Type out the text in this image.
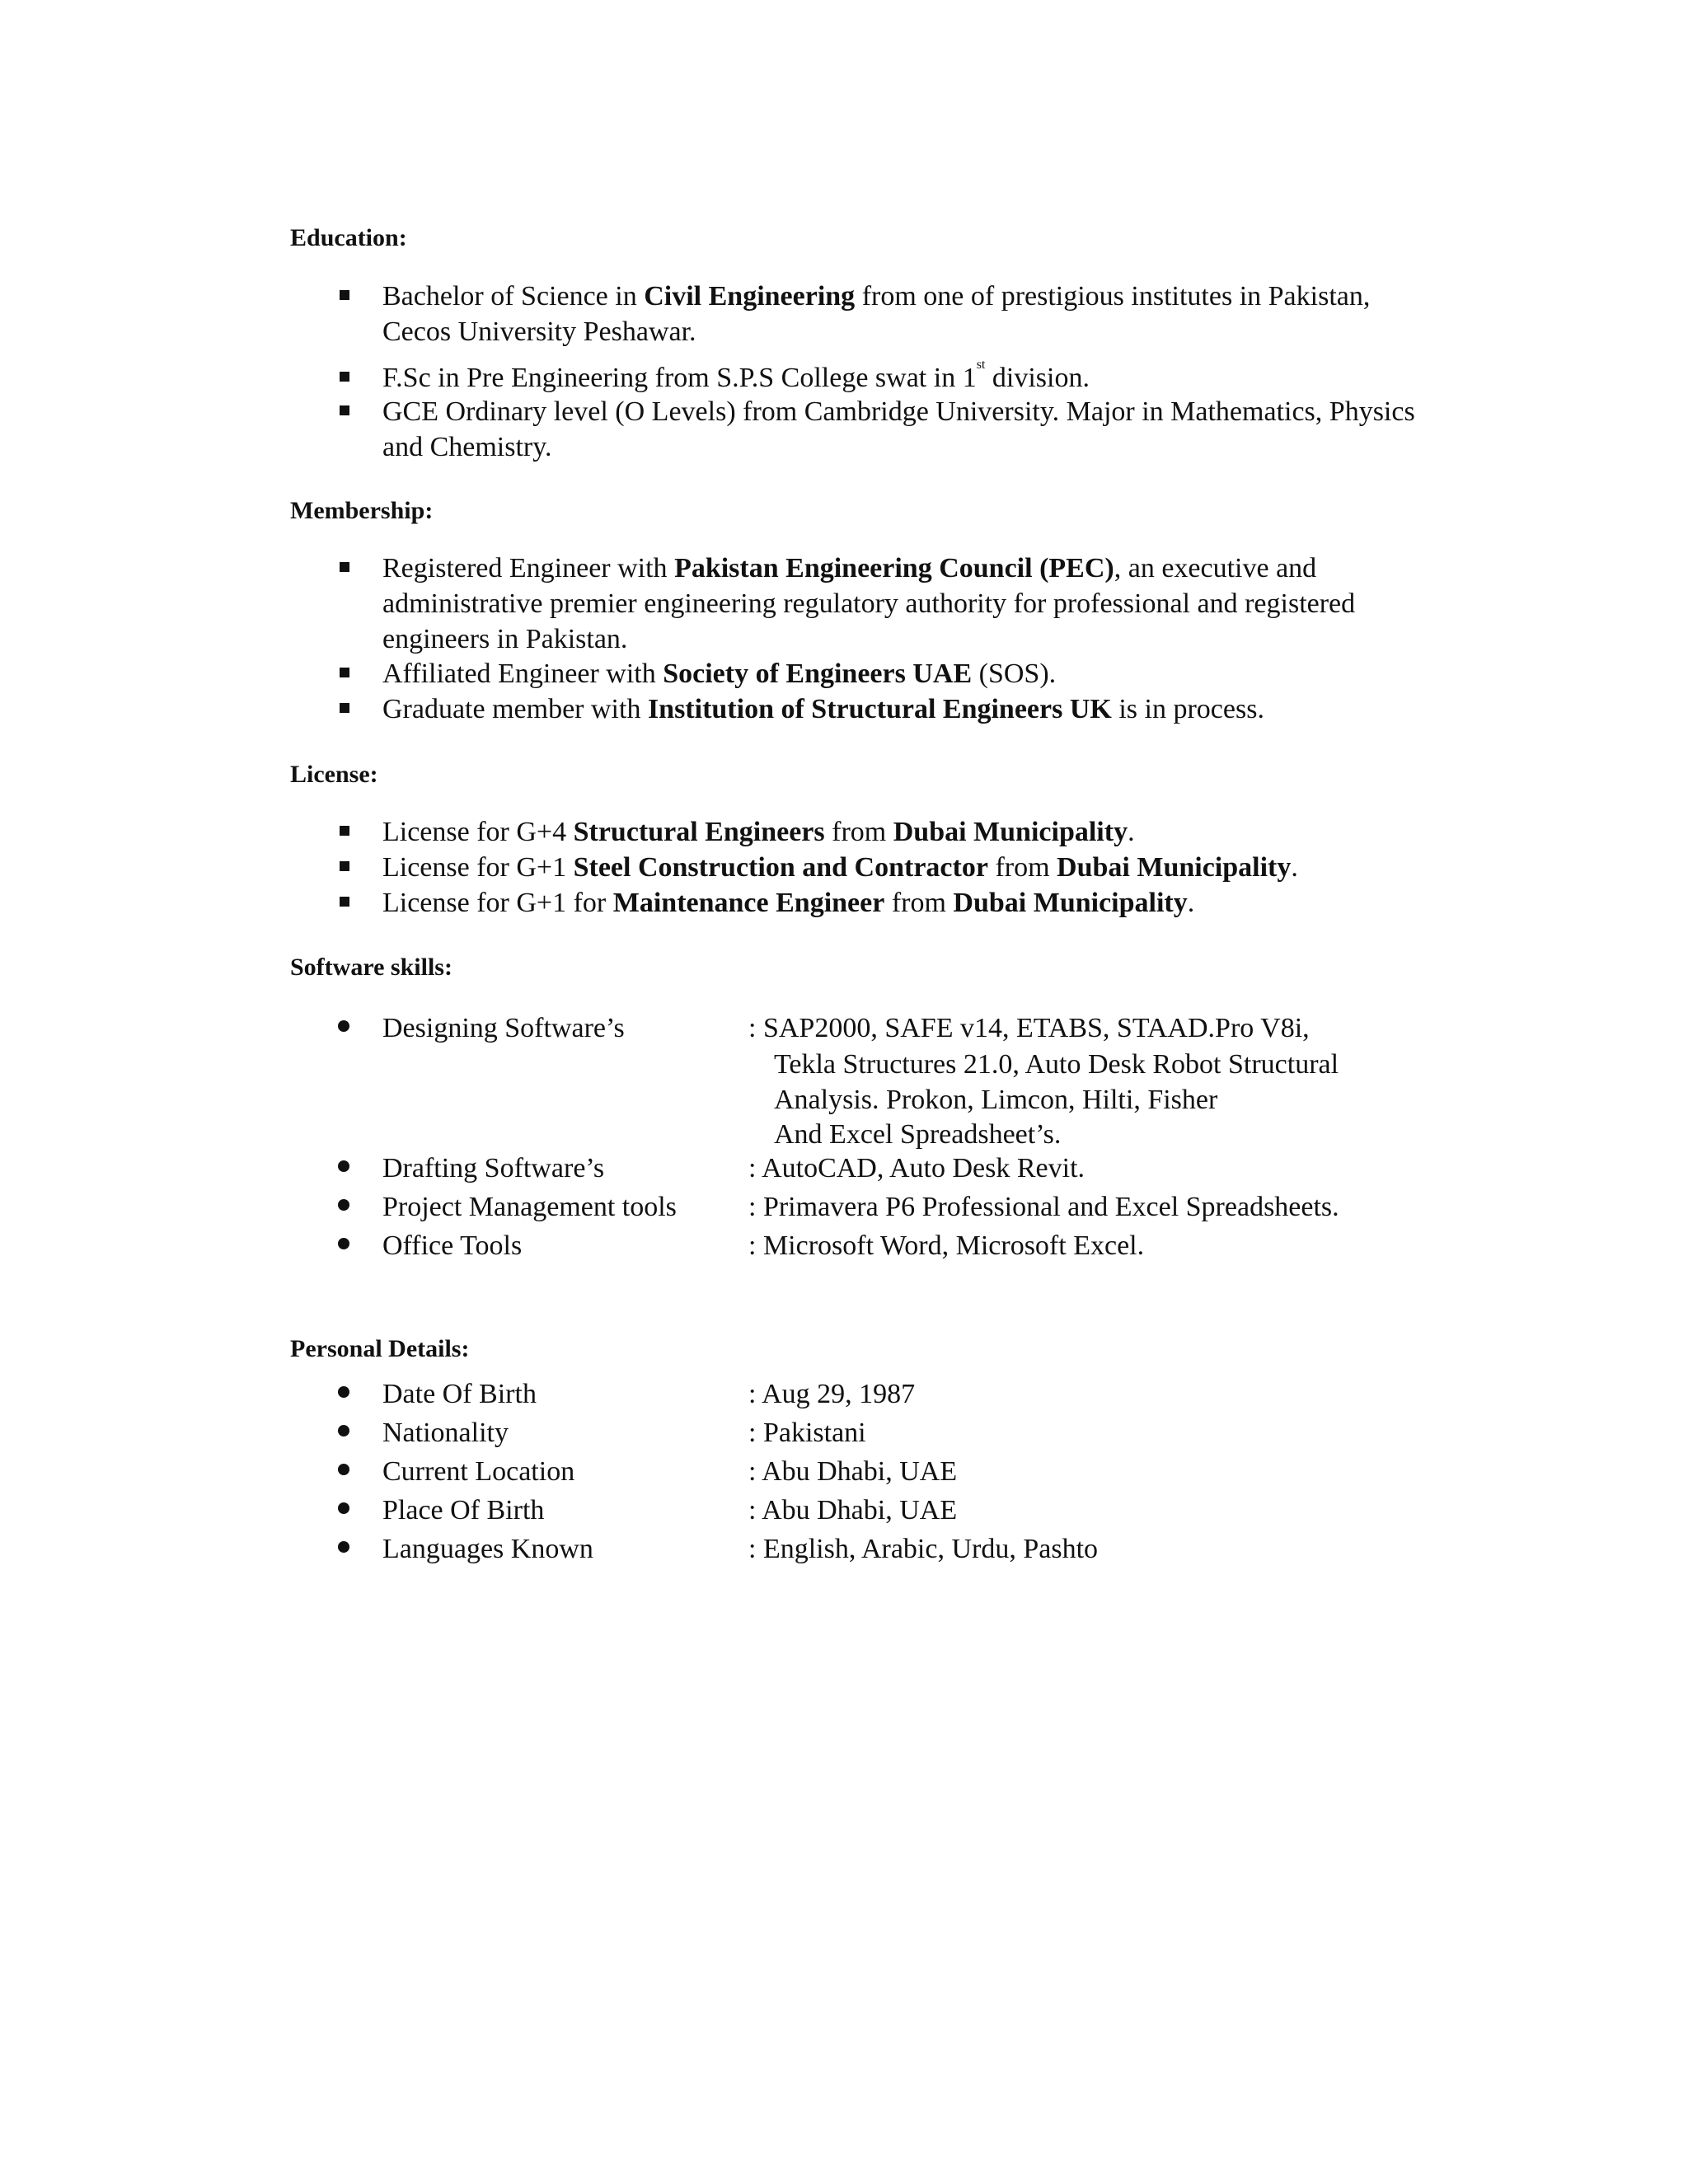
Education:
Bachelor of Science in Civil Engineering from one of prestigious institutes in Pakistan, Cecos University Peshawar.
F.Sc in Pre Engineering from S.P.S College swat in 1st division.
GCE Ordinary level (O Levels) from Cambridge University. Major in Mathematics, Physics and Chemistry.
Membership:
Registered Engineer with Pakistan Engineering Council (PEC), an executive and administrative premier engineering regulatory authority for professional and registered engineers in Pakistan.
Affiliated Engineer with Society of Engineers UAE (SOS).
Graduate member with Institution of Structural Engineers UK is in process.
License:
License for G+4 Structural Engineers from Dubai Municipality.
License for G+1 Steel Construction and Contractor from Dubai Municipality.
License for G+1 for Maintenance Engineer from Dubai Municipality.
Software skills:
Designing Software’s	: SAP2000, SAFE v14, ETABS, STAAD.Pro V8i,
Tekla Structures 21.0, Auto Desk Robot Structural
Analysis. Prokon, Limcon, Hilti, Fisher
And Excel Spreadsheet’s.
Drafting Software’s	: AutoCAD, Auto Desk Revit.
Project Management tools	: Primavera P6 Professional and Excel Spreadsheets.
Office Tools	: Microsoft Word, Microsoft Excel.
Personal Details:
Date Of Birth	: Aug 29, 1987
Nationality	: Pakistani
Current Location	: Abu Dhabi, UAE
Place Of Birth	: Abu Dhabi, UAE
Languages Known	: English, Arabic, Urdu, Pashto
